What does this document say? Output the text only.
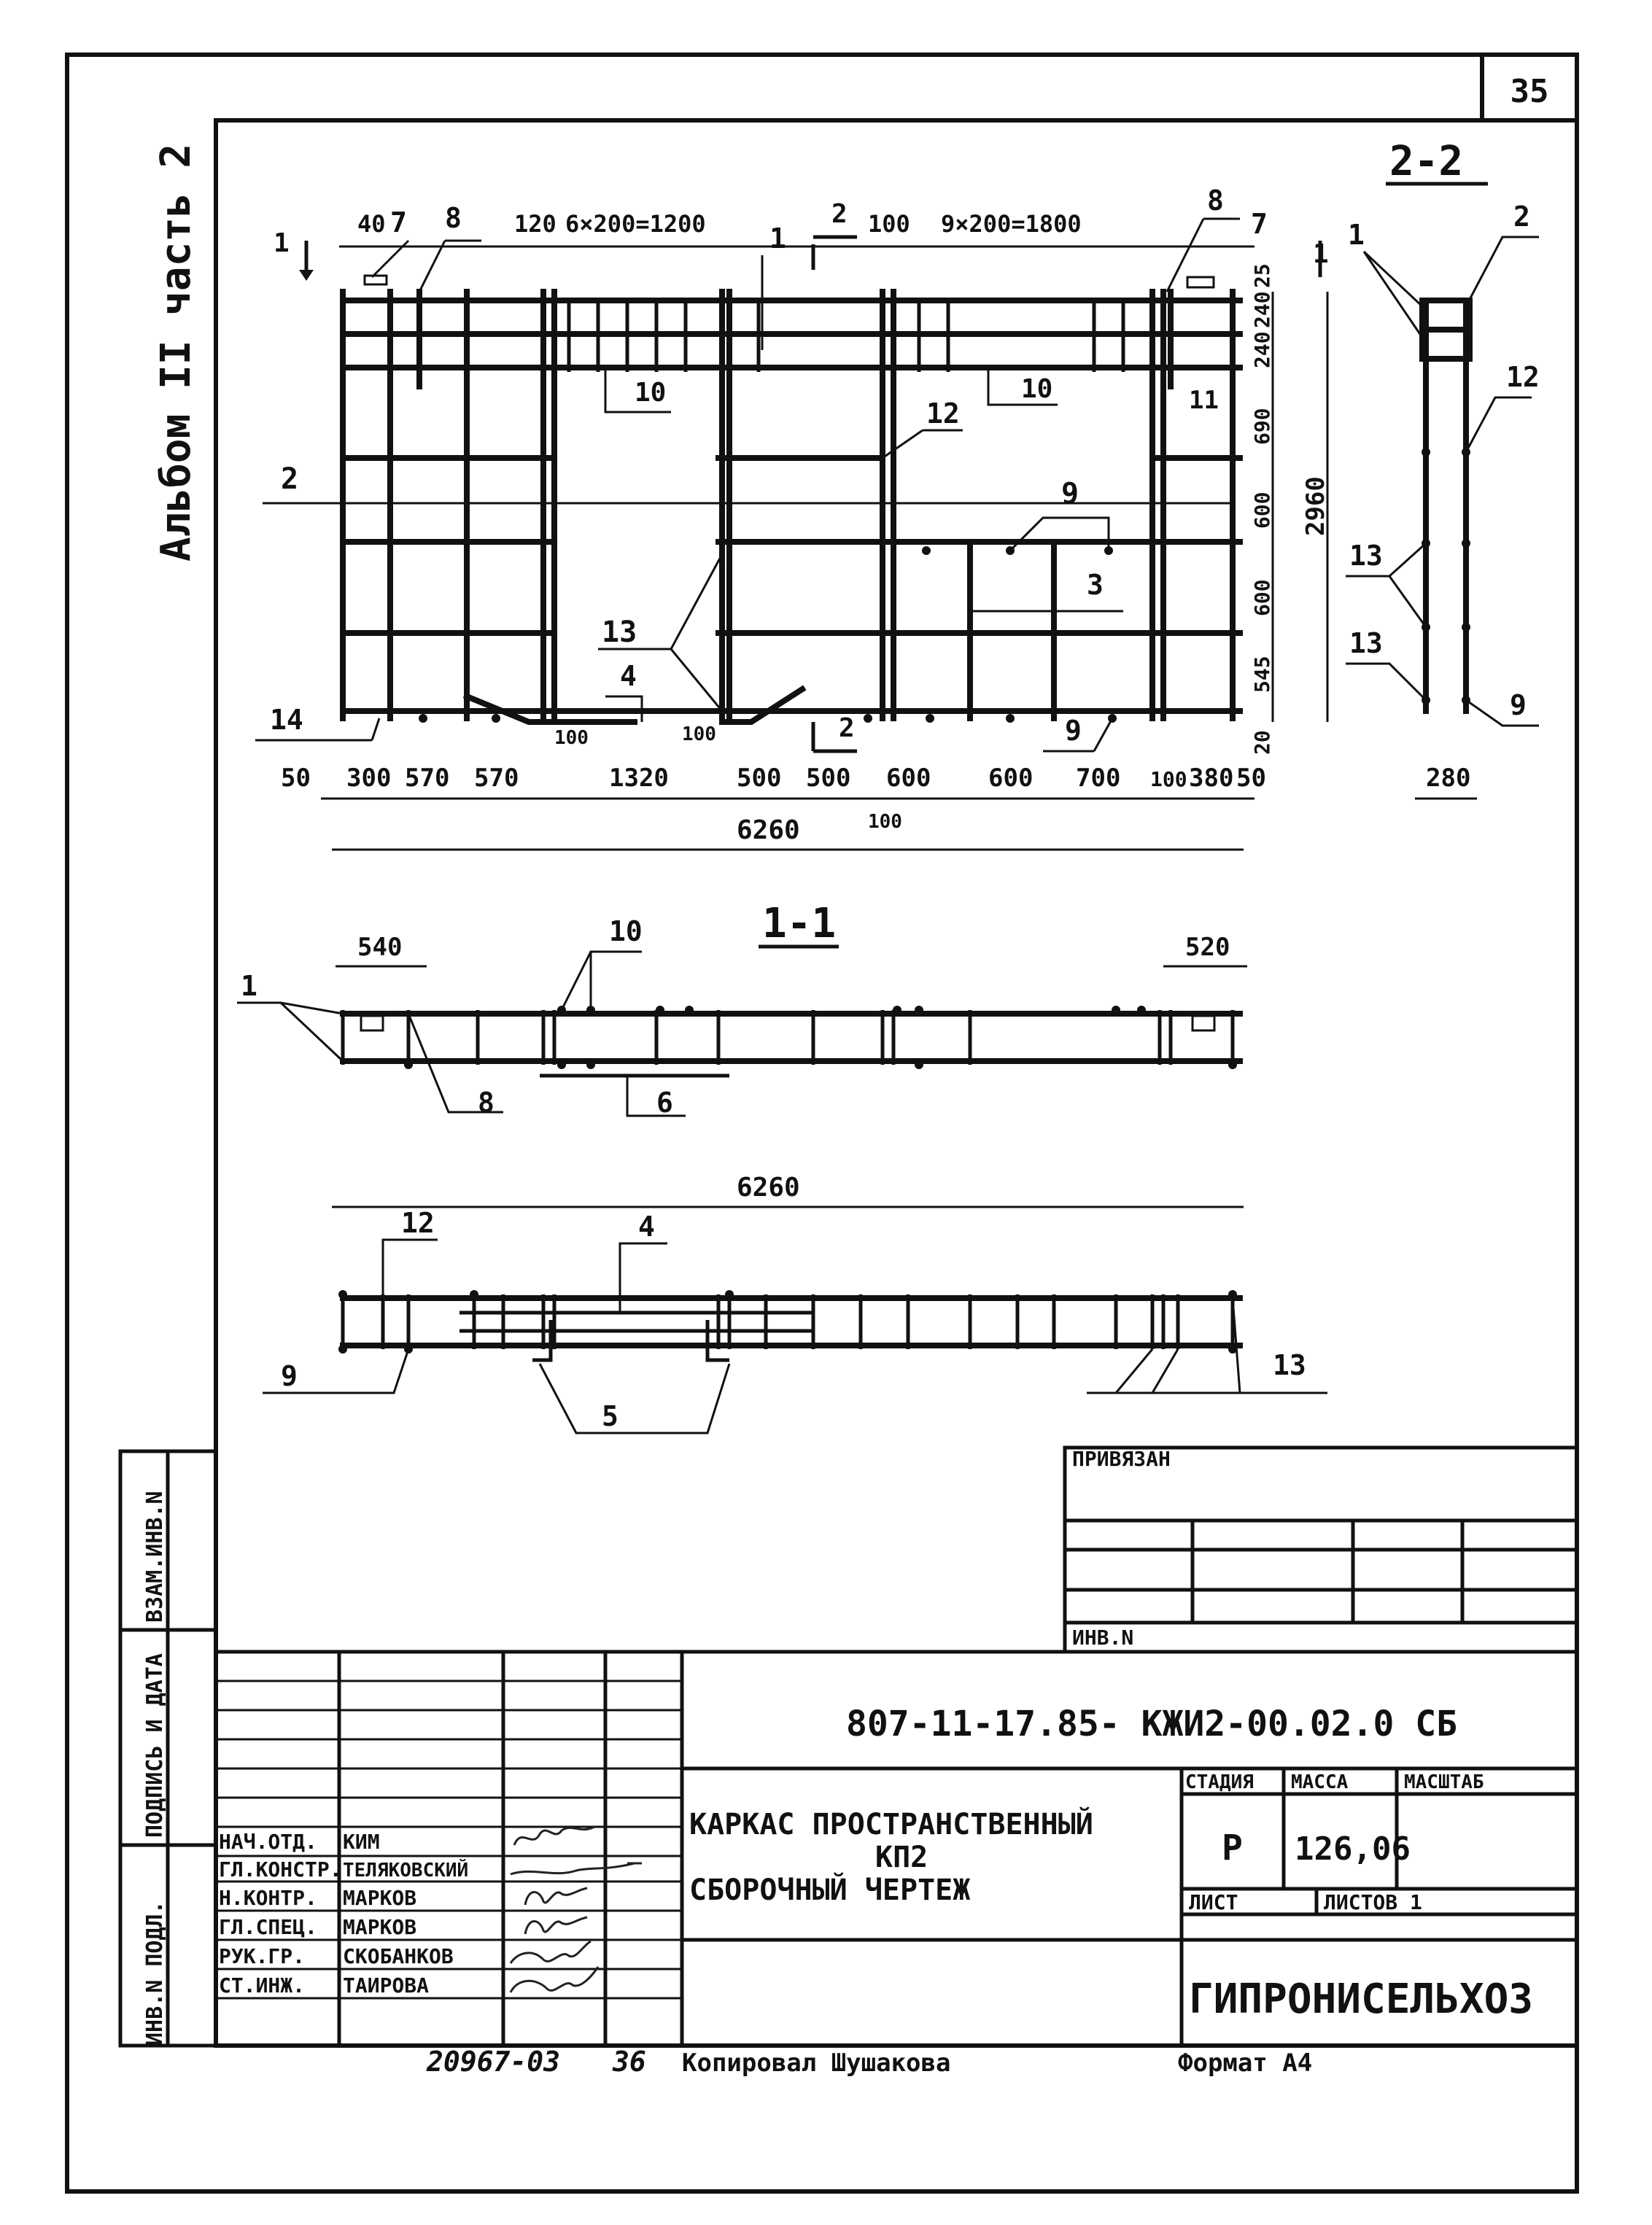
35
Альбом II часть 2	40	120 6×200=1200	100 9×200=1800
1	1
2
2
7 8
8
7
1
2
10	10	11
12
9
3
13
4
14	9
25
240
240
690
600
600
545
20
2960
50 300 570 570	1320	500 500 600 600 700 100 380 50
100	100
100
6260
2-2
1
2
12
13
13
9
280
1-1
540	520
1
10
8	6
6260
12	4
9
5
13
ИНВ.N ПОДЛ.
ПОДПИСЬ И ДАТА
ВЗАМ.ИНВ.N
ПРИВЯЗАН
ИНВ.N
807-11-17.85- КЖИ2-00.02.0 СБ
КАРКАС ПРОСТРАНСТВЕННЫЙ
КП2
СБОРОЧНЫЙ ЧЕРТЕЖ
СТАДИЯ МАССА	МАСШТАБ
Р 126,06
ЛИСТ	ЛИСТОВ 1
ГИПРОНИСЕЛЬХОЗ
НАЧ.ОТД. КИМ
ГЛ.КОНСТР. ТЕЛЯКОВСКИЙ
Н.КОНТР. МАРКОВ
ГЛ.СПЕЦ. МАРКОВ
РУК.ГР. СКОБАНКОВ
СТ.ИНЖ. ТАИРОВА
20967-03 36 Копировал Шушакова	Формат А4
